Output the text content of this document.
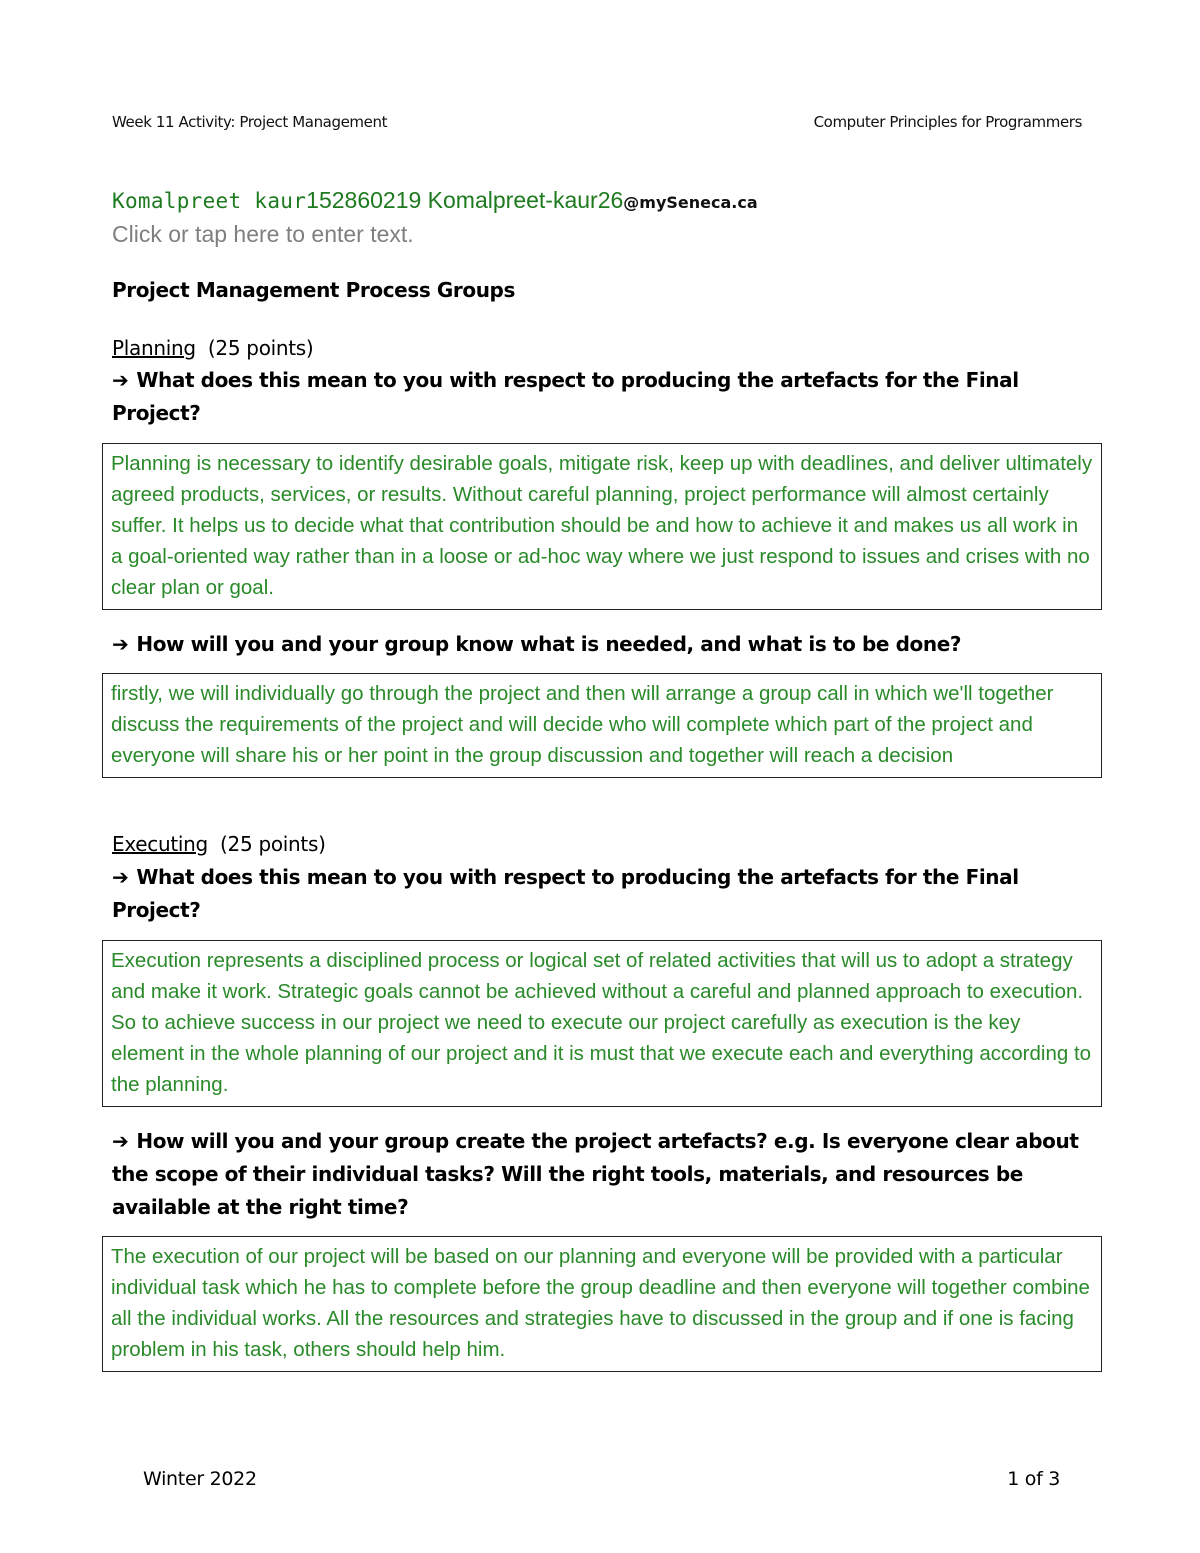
Week 11 Activity: Project Management	Computer Principles for Programmers
Komalpreet kaur152860219 Komalpreet-kaur26@mySeneca.ca
Click or tap here to enter text.
Project Management Process Groups
Planning (25 points)
➔ What does this mean to you with respect to producing the artefacts for the Final Project?
Planning is necessary to identify desirable goals, mitigate risk, keep up with deadlines, and deliver ultimately agreed products, services, or results. Without careful planning, project performance will almost certainly suffer. It helps us to decide what that contribution should be and how to achieve it and makes us all work in a goal-oriented way rather than in a loose or ad-hoc way where we just respond to issues and crises with no clear plan or goal.
➔ How will you and your group know what is needed, and what is to be done?
firstly, we will individually go through the project and then will arrange a group call in which we'll together discuss the requirements of the project and will decide who will complete which part of the project and everyone will share his or her point in the group discussion and together will reach a decision
Executing (25 points)
➔ What does this mean to you with respect to producing the artefacts for the Final Project?
Execution represents a disciplined process or logical set of related activities that will us to adopt a strategy and make it work. Strategic goals cannot be achieved without a careful and planned approach to execution. So to achieve success in our project we need to execute our project carefully as execution is the key element in the whole planning of our project and it is must that we execute each and everything according to the planning.
➔ How will you and your group create the project artefacts? e.g. Is everyone clear about the scope of their individual tasks? Will the right tools, materials, and resources be available at the right time?
The execution of our project will be based on our planning and everyone will be provided with a particular individual task which he has to complete before the group deadline and then everyone will together combine all the individual works. All the resources and strategies have to discussed in the group and if one is facing problem in his task, others should help him.
Winter 2022	1 of 3
